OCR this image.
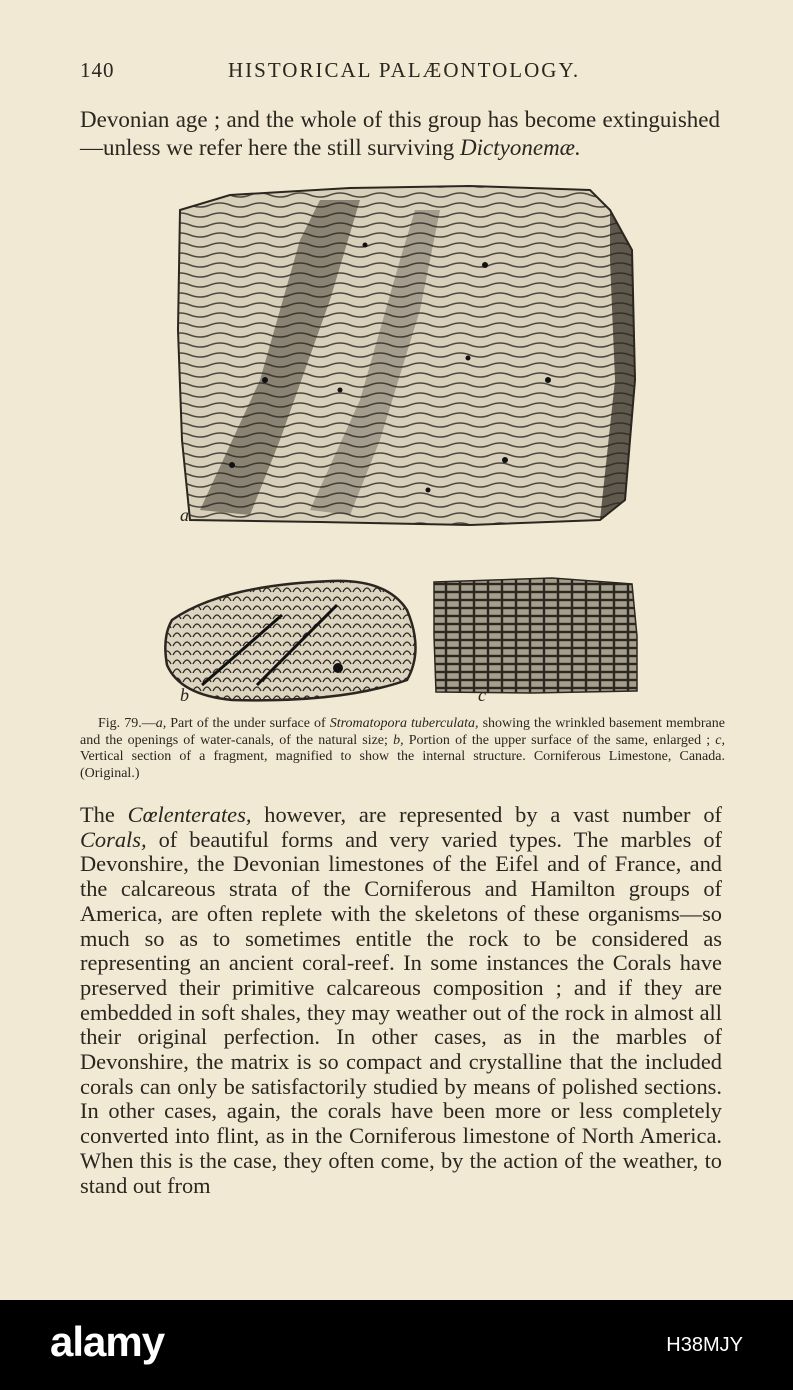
140	HISTORICAL PALÆONTOLOGY.
Devonian age ; and the whole of this group has become extinguished—unless we refer here the still surviving Dictyonemæ.
a
b	c
Fig. 79.—a, Part of the under surface of Stromatopora tuberculata, showing the wrinkled basement membrane and the openings of water-canals, of the natural size; b, Portion of the upper surface of the same, enlarged ; c, Vertical section of a fragment, magnified to show the internal structure. Corniferous Limestone, Canada. (Original.)
The Cœlenterates, however, are represented by a vast number of Corals, of beautiful forms and very varied types. The marbles of Devonshire, the Devonian limestones of the Eifel and of France, and the calcareous strata of the Corniferous and Hamilton groups of America, are often replete with the skeletons of these organisms—so much so as to sometimes entitle the rock to be considered as representing an ancient coral-reef. In some instances the Corals have preserved their primitive calcareous composition ; and if they are embedded in soft shales, they may weather out of the rock in almost all their original perfection. In other cases, as in the marbles of Devonshire, the matrix is so compact and crystalline that the included corals can only be satisfactorily studied by means of polished sections. In other cases, again, the corals have been more or less completely converted into flint, as in the Corniferous limestone of North America. When this is the case, they often come, by the action of the weather, to stand out from
alamy	H38MJY
